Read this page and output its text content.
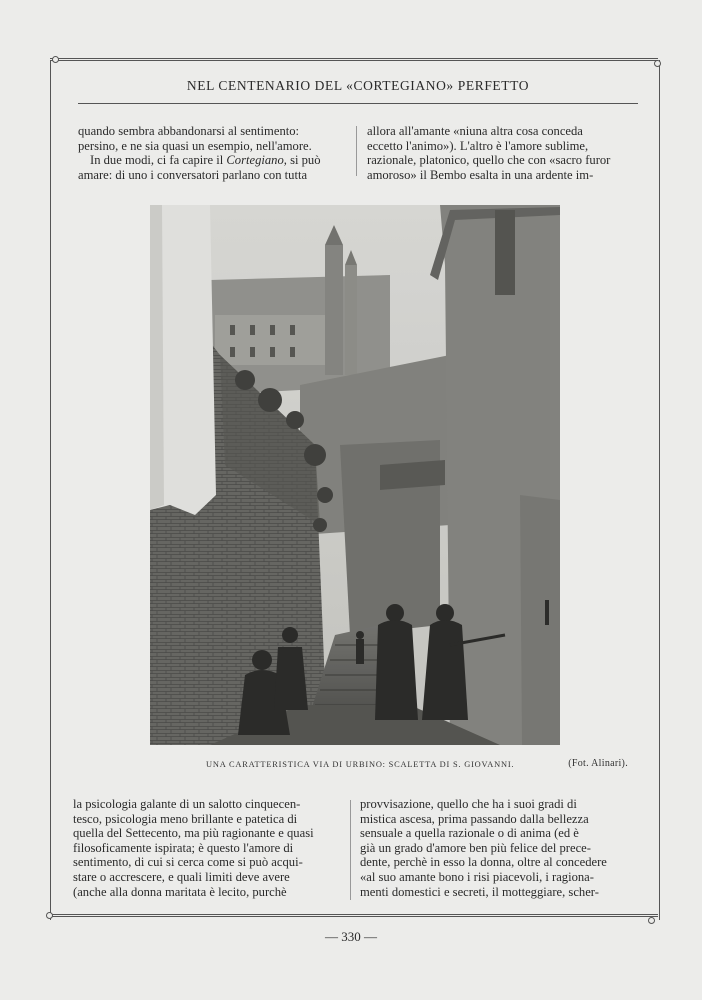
NEL CENTENARIO DEL «CORTEGIANO» PERFETTO

quando sembra abbandonarsi al sentimento:

persino, e ne sia quasi un esempio, nell'amore.

In due modi, ci fa capire il Cortegiano, si può

amare: di uno i conversatori parlano con tutta

allora all'amante «niuna altra cosa conceda

eccetto l'animo»). L'altro è l'amore sublime,

razionale, platonico, quello che con «sacro furor

amoroso» il Bembo esalta in una ardente im-

UNA CARATTERISTICA VIA DI URBINO: SCALETTA DI S. GIOVANNI.	(Fot. Alinari).

la psicologia galante di un salotto cinquecen-

tesco, psicologia meno brillante e patetica di

quella del Settecento, ma più ragionante e quasi

filosoficamente ispirata; è questo l'amore di

sentimento, di cui si cerca come si può acqui-

stare o accrescere, e quali limiti deve avere

(anche alla donna maritata è lecito, purchè

provvisazione, quello che ha i suoi gradi di

mistica ascesa, prima passando dalla bellezza

sensuale a quella razionale o di anima (ed è

già un grado d'amore ben più felice del prece-

dente, perchè in esso la donna, oltre al concedere

«al suo amante bono i risi piacevoli, i ragiona-

menti domestici e secreti, il motteggiare, scher-

— 330 —
